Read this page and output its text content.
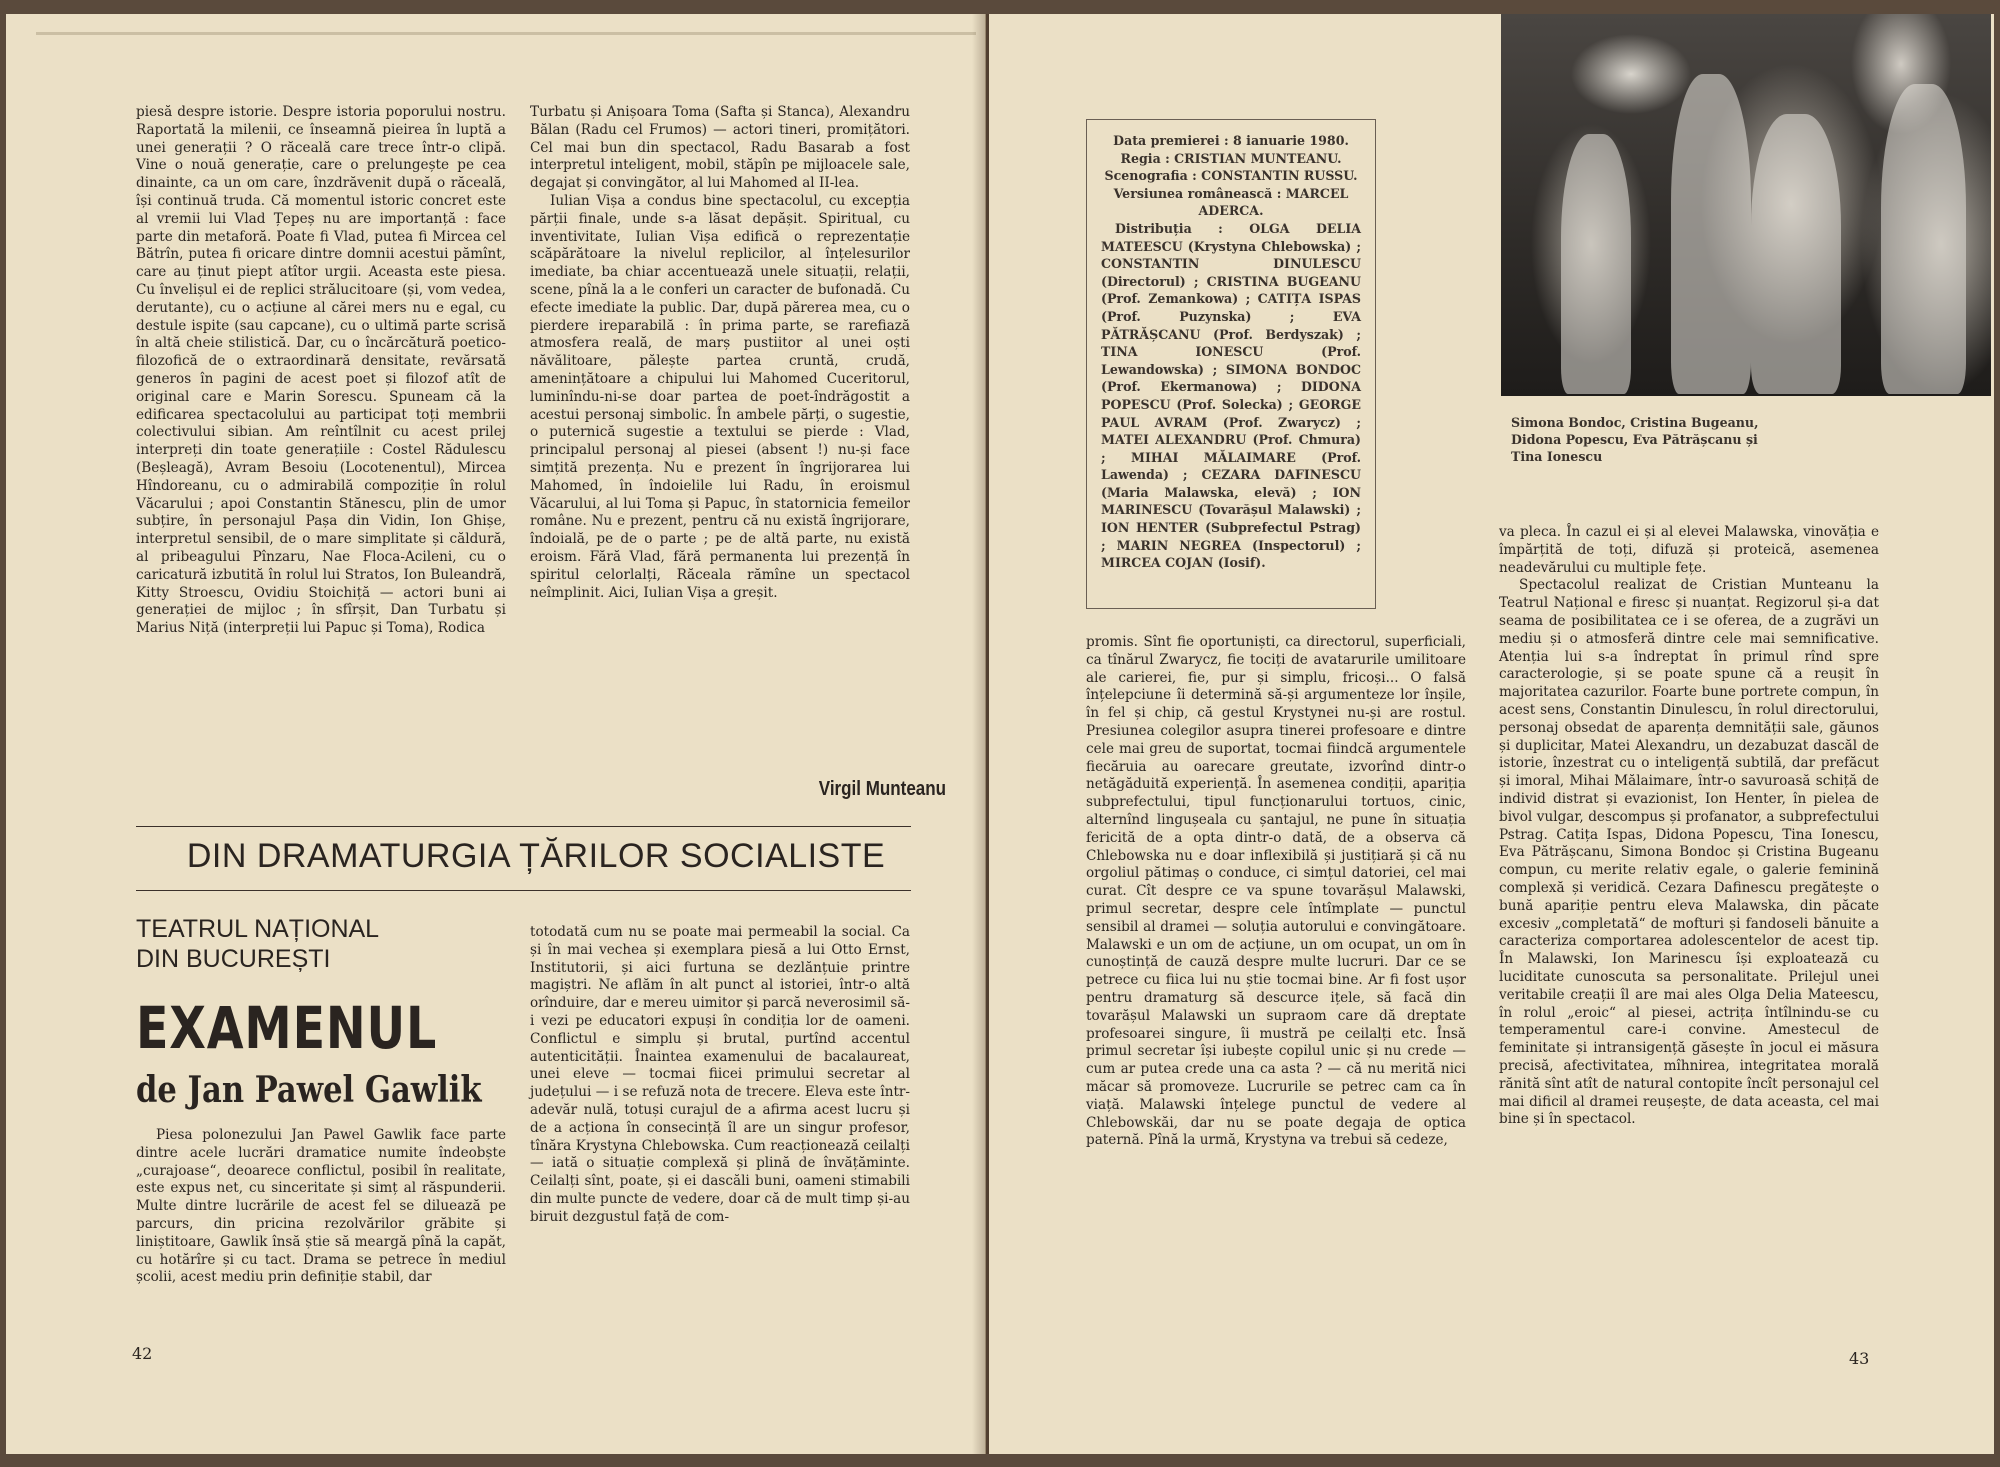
piesă despre istorie. Despre istoria poporului nostru. Raportată la milenii, ce înseamnă pieirea în luptă a unei generații ? O răceală care trece într-o clipă. Vine o nouă generație, care o prelungește pe cea dinainte, ca un om care, înzdrăvenit după o răceală, își continuă truda. Că momentul istoric concret este al vremii lui Vlad Țepeș nu are importanță : face parte din metaforă. Poate fi Vlad, putea fi Mircea cel Bătrîn, putea fi oricare dintre domnii acestui pămînt, care au ținut piept atîtor urgii. Aceasta este piesa. Cu învelișul ei de replici strălucitoare (și, vom vedea, derutante), cu o acțiune al cărei mers nu e egal, cu destule ispite (sau capcane), cu o ultimă parte scrisă în altă cheie stilistică. Dar, cu o încărcătură poetico-filozofică de o extraordinară densitate, revărsată generos în pagini de acest poet și filozof atît de original care e Marin Sorescu. Spuneam că la edificarea spectacolului au participat toți membrii colectivului sibian. Am reîntîlnit cu acest prilej interpreți din toate generațiile : Costel Rădulescu (Beșleagă), Avram Besoiu (Locotenentul), Mircea Hîndoreanu, cu o admirabilă compoziție în rolul Văcarului ; apoi Constantin Stănescu, plin de umor subțire, în personajul Pașa din Vidin, Ion Ghișe, interpretul sensibil, de o mare simplitate și căldură, al pribeagului Pînzaru, Nae Floca-Acileni, cu o caricatură izbutită în rolul lui Stratos, Ion Buleandră, Kitty Stroescu, Ovidiu Stoichiță — actori buni ai generației de mijloc ; în sfîrșit, Dan Turbatu și Marius Niță (interpreții lui Papuc și Toma), Rodica

Turbatu și Anișoara Toma (Safta și Stanca), Alexandru Bălan (Radu cel Frumos) — actori tineri, promițători. Cel mai bun din spectacol, Radu Basarab a fost interpretul inteligent, mobil, stăpîn pe mijloacele sale, degajat și convingător, al lui Mahomed al II-lea.

Iulian Vișa a condus bine spectacolul, cu excepția părții finale, unde s-a lăsat depășit. Spiritual, cu inventivitate, Iulian Vișa edifică o reprezentație scăpărătoare la nivelul replicilor, al înțelesurilor imediate, ba chiar accentuează unele situații, relații, scene, pînă la a le conferi un caracter de bufonadă. Cu efecte imediate la public. Dar, după părerea mea, cu o pierdere ireparabilă : în prima parte, se rarefiază atmosfera reală, de marș pustiitor al unei oști năvălitoare, pălește partea cruntă, crudă, amenințătoare a chipului lui Mahomed Cuceritorul, luminîndu-ni-se doar partea de poet-îndrăgostit a acestui personaj simbolic. În ambele părți, o sugestie, o puternică sugestie a textului se pierde : Vlad, principalul personaj al piesei (absent !) nu-și face simțită prezența. Nu e prezent în îngrijorarea lui Mahomed, în îndoielile lui Radu, în eroismul Văcarului, al lui Toma și Papuc, în statornicia femeilor române. Nu e prezent, pentru că nu există îngrijorare, îndoială, pe de o parte ; pe de altă parte, nu există eroism. Fără Vlad, fără permanenta lui prezență în spiritul celorlalți, Răceala rămîne un spectacol neîmplinit. Aici, Iulian Vișa a greșit.

Virgil Munteanu
DIN DRAMATURGIA ȚĂRILOR SOCIALISTE
TEATRUL NAȚIONAL
DIN BUCUREȘTI
EXAMENUL
de Jan Pawel Gawlik

Piesa polonezului Jan Pawel Gawlik face parte dintre acele lucrări dramatice numite îndeobște „curajoase“, deoarece conflictul, posibil în realitate, este expus net, cu sinceritate și simț al răspunderii. Multe dintre lucrările de acest fel se diluează pe parcurs, din pricina rezolvărilor grăbite și liniștitoare, Gawlik însă știe să meargă pînă la capăt, cu hotărîre și cu tact. Drama se petrece în mediul școlii, acest mediu prin definiție stabil, dar

totodată cum nu se poate mai permeabil la social. Ca și în mai vechea și exemplara piesă a lui Otto Ernst, Institutorii, și aici furtuna se dezlănțuie printre magiștri. Ne aflăm în alt punct al istoriei, într-o altă orînduire, dar e mereu uimitor și parcă neverosimil să-i vezi pe educatori expuși în condiția lor de oameni. Conflictul e simplu și brutal, purtînd accentul autenticității. Înaintea examenului de bacalaureat, unei eleve — tocmai fiicei primului secretar al județului — i se refuză nota de trecere. Eleva este într-adevăr nulă, totuși curajul de a afirma acest lucru și de a acționa în consecință îl are un singur profesor, tînăra Krystyna Chlebowska. Cum reacționează ceilalți — iată o situație complexă și plină de învățăminte. Ceilalți sînt, poate, și ei dascăli buni, oameni stimabili din multe puncte de vedere, doar că de mult timp și-au biruit dezgustul față de com-

42

Data premierei : 8 ianuarie 1980. Regia : CRISTIAN MUNTEANU. Scenografia : CONSTANTIN RUSSU. Versiunea românească : MARCEL ADERCA.

Distribuția : OLGA DELIA MATEESCU (Krystyna Chlebowska) ; CONSTANTIN DINULESCU (Directorul) ; CRISTINA BUGEANU (Prof. Zemankowa) ; CATIȚA ISPAS (Prof. Puzynska) ; EVA PĂTRĂȘCANU (Prof. Berdyszak) ; TINA IONESCU (Prof. Lewandowska) ; SIMONA BONDOC (Prof. Ekermanowa) ; DIDONA POPESCU (Prof. Solecka) ; GEORGE PAUL AVRAM (Prof. Zwarycz) ; MATEI ALEXANDRU (Prof. Chmura) ; MIHAI MĂLAIMARE (Prof. Lawenda) ; CEZARA DAFINESCU (Maria Malawska, elevă) ; ION MARINESCU (Tovarășul Malawski) ; ION HENTER (Subprefectul Pstrag) ; MARIN NEGREA (Inspectorul) ; MIRCEA COJAN (Iosif).

Simona Bondoc, Cristina Bugeanu, Didona Popescu, Eva Pătrășcanu și Tina Ionescu

promis. Sînt fie oportuniști, ca directorul, superficiali, ca tînărul Zwarycz, fie tociți de avatarurile umilitoare ale carierei, fie, pur și simplu, fricoși... O falsă înțelepciune îi determină să-și argumenteze lor înșile, în fel și chip, că gestul Krystynei nu-și are rostul. Presiunea colegilor asupra tinerei profesoare e dintre cele mai greu de suportat, tocmai fiindcă argumentele fiecăruia au oarecare greutate, izvorînd dintr-o netăgăduită experiență. În asemenea condiții, apariția subprefectului, tipul funcționarului tortuos, cinic, alternînd lingușeala cu șantajul, ne pune în situația fericită de a opta dintr-o dată, de a observa că Chlebowska nu e doar inflexibilă și justițiară și că nu orgoliul pătimaș o conduce, ci simțul datoriei, cel mai curat. Cît despre ce va spune tovarășul Malawski, primul secretar, despre cele întîmplate — punctul sensibil al dramei — soluția autorului e convingătoare. Malawski e un om de acțiune, un om ocupat, un om în cunoștință de cauză despre multe lucruri. Dar ce se petrece cu fiica lui nu știe tocmai bine. Ar fi fost ușor pentru dramaturg să descurce ițele, să facă din tovarășul Malawski un supraom care dă dreptate profesoarei singure, îi mustră pe ceilalți etc. Însă primul secretar își iubește copilul unic și nu crede — cum ar putea crede una ca asta ? — că nu merită nici măcar să promoveze. Lucrurile se petrec cam ca în viață. Malawski înțelege punctul de vedere al Chlebowskăi, dar nu se poate degaja de optica paternă. Pînă la urmă, Krystyna va trebui să cedeze,

va pleca. În cazul ei și al elevei Malawska, vinovăția e împărțită de toți, difuză și proteică, asemenea neadevărului cu multiple fețe.

Spectacolul realizat de Cristian Munteanu la Teatrul Național e firesc și nuanțat. Regizorul și-a dat seama de posibilitatea ce i se oferea, de a zugrăvi un mediu și o atmosferă dintre cele mai semnificative. Atenția lui s-a îndreptat în primul rînd spre caracterologie, și se poate spune că a reușit în majoritatea cazurilor. Foarte bune portrete compun, în acest sens, Constantin Dinulescu, în rolul directorului, personaj obsedat de aparența demnității sale, găunos și duplicitar, Matei Alexandru, un dezabuzat dascăl de istorie, înzestrat cu o inteligență subtilă, dar prefăcut și imoral, Mihai Mălaimare, într-o savuroasă schiță de individ distrat și evazionist, Ion Henter, în pielea de bivol vulgar, descompus și profanator, a subprefectului Pstrag. Catița Ispas, Didona Popescu, Tina Ionescu, Eva Pătrășcanu, Simona Bondoc și Cristina Bugeanu compun, cu merite relativ egale, o galerie feminină complexă și veridică. Cezara Dafinescu pregătește o bună apariție pentru eleva Malawska, din păcate excesiv „completată“ de mofturi și fandoseli bănuite a caracteriza comportarea adolescentelor de acest tip. În Malawski, Ion Marinescu își exploatează cu luciditate cunoscuta sa personalitate. Prilejul unei veritabile creații îl are mai ales Olga Delia Mateescu, în rolul „eroic“ al piesei, actrița întîlnindu-se cu temperamentul care-i convine. Amestecul de feminitate și intransigență găsește în jocul ei măsura precisă, afectivitatea, mîhnirea, integritatea morală rănită sînt atît de natural contopite încît personajul cel mai dificil al dramei reușește, de data aceasta, cel mai bine și în spectacol.

43
